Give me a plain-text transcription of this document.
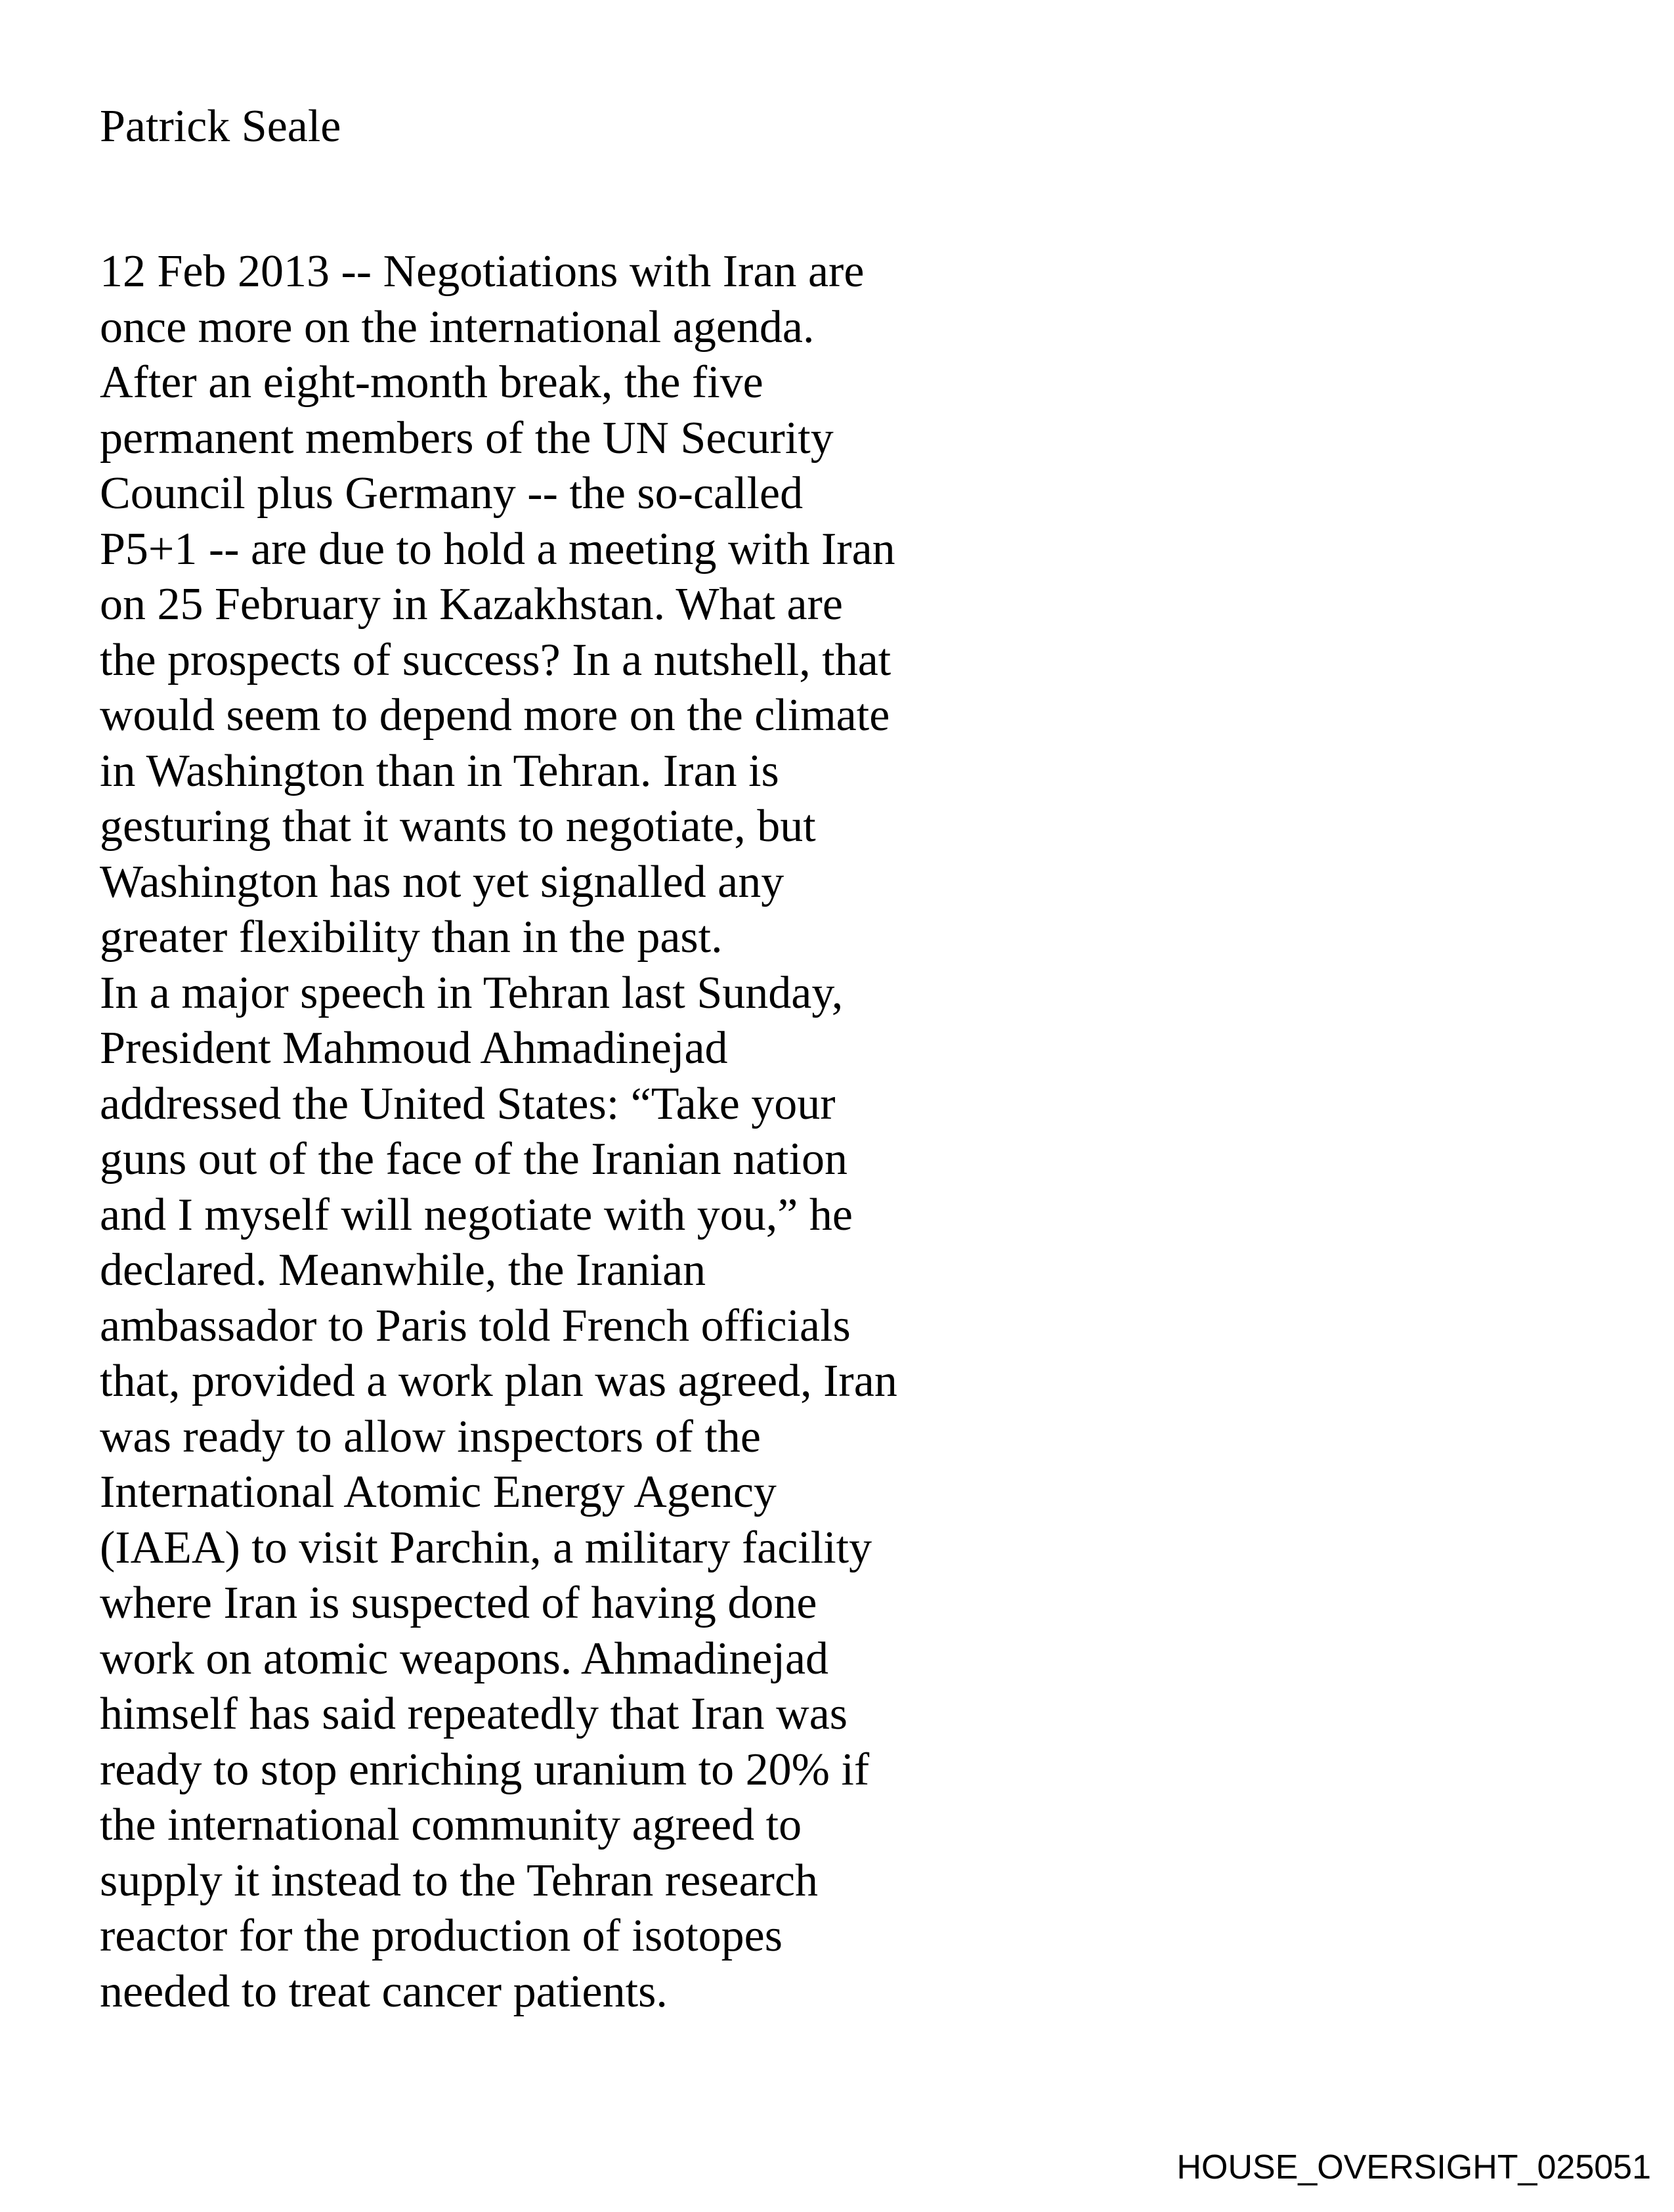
Patrick Seale
12 Feb 2013 -- Negotiations with Iran are
once more on the international agenda.
After an eight-month break, the five
permanent members of the UN Security
Council plus Germany -- the so-called
P5+1 -- are due to hold a meeting with Iran
on 25 February in Kazakhstan. What are
the prospects of success? In a nutshell, that
would seem to depend more on the climate
in Washington than in Tehran. Iran is
gesturing that it wants to negotiate, but
Washington has not yet signalled any
greater flexibility than in the past.
In a major speech in Tehran last Sunday,
President Mahmoud Ahmadinejad
addressed the United States: “Take your
guns out of the face of the Iranian nation
and I myself will negotiate with you,” he
declared. Meanwhile, the Iranian
ambassador to Paris told French officials
that, provided a work plan was agreed, Iran
was ready to allow inspectors of the
International Atomic Energy Agency
(IAEA) to visit Parchin, a military facility
where Iran is suspected of having done
work on atomic weapons. Ahmadinejad
himself has said repeatedly that Iran was
ready to stop enriching uranium to 20% if
the international community agreed to
supply it instead to the Tehran research
reactor for the production of isotopes
needed to treat cancer patients.
HOUSE_OVERSIGHT_025051
